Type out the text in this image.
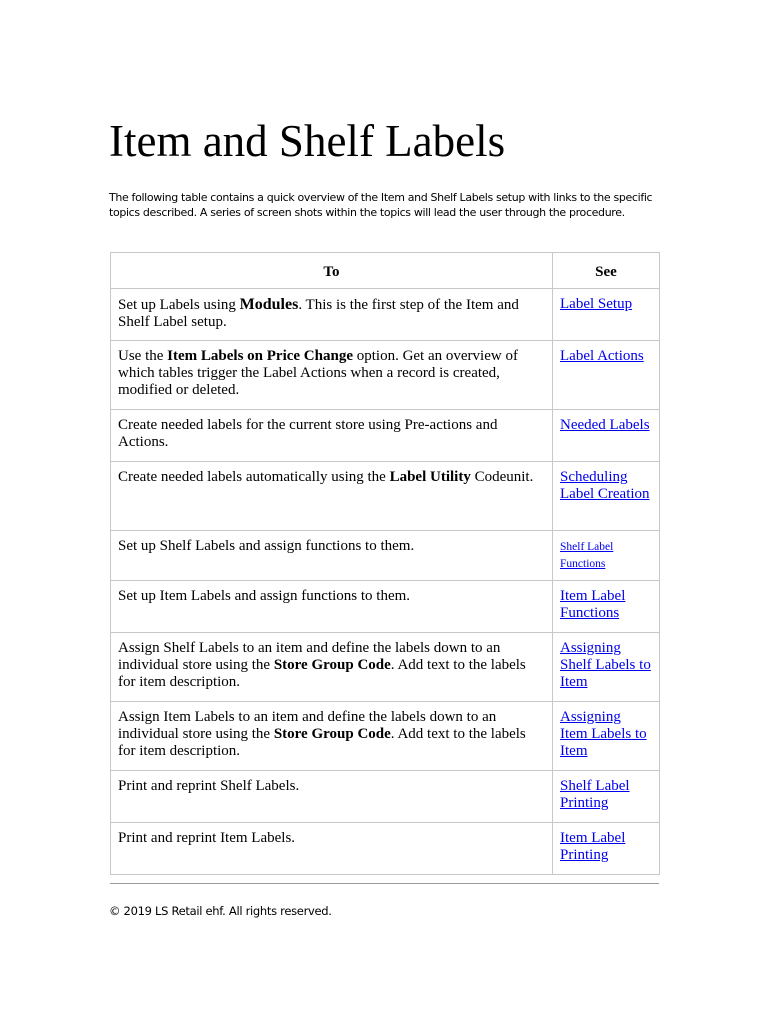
Item and Shelf Labels

The following table contains a quick overview of the Item and Shelf Labels setup with links to the specific topics described. A series of screen shots within the topics will lead the user through the procedure.

To	See
Set up Labels using Modules. This is the first step of the Item and Shelf Label setup.	Label Setup
Use the Item Labels on Price Change option. Get an overview of which tables trigger the Label Actions when a record is created, modified or deleted.	Label Actions
Create needed labels for the current store using Pre-actions and Actions.	Needed Labels
Create needed labels automatically using the Label Utility Codeunit.	Scheduling Label Creation
Set up Shelf Labels and assign functions to them.	Shelf Label Functions
Set up Item Labels and assign functions to them.	Item Label Functions
Assign Shelf Labels to an item and define the labels down to an individual store using the Store Group Code. Add text to the labels for item description.	Assigning Shelf Labels to Item
Assign Item Labels to an item and define the labels down to an individual store using the Store Group Code. Add text to the labels for item description.	Assigning Item Labels to Item
Print and reprint Shelf Labels.	Shelf Label Printing
Print and reprint Item Labels.	Item Label Printing

© 2019 LS Retail ehf. All rights reserved.
